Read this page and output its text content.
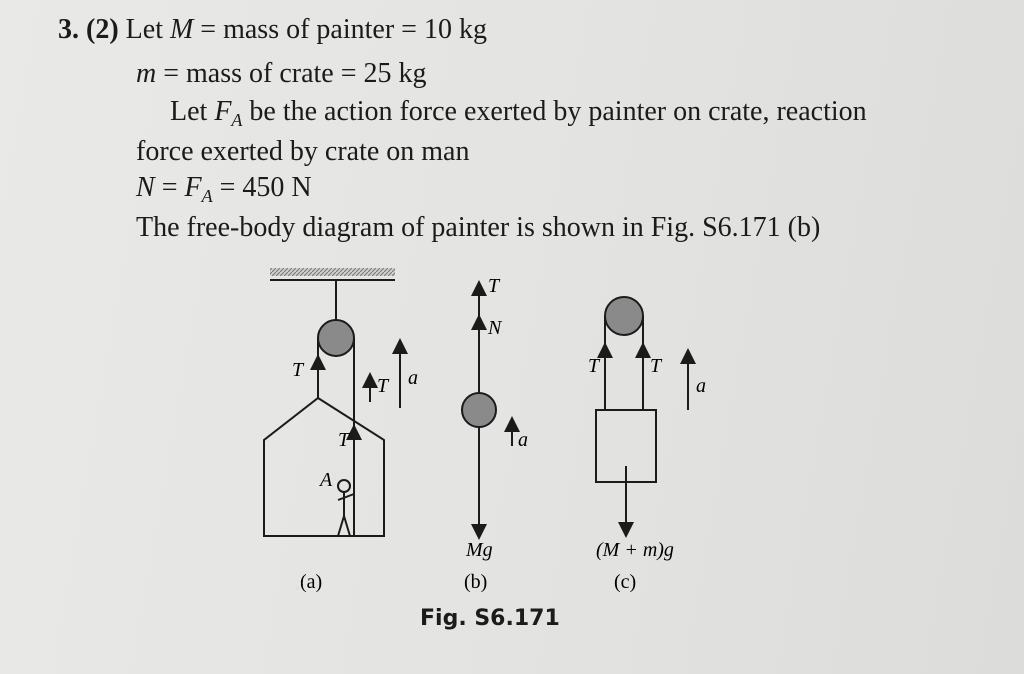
3. (2) Let M = mass of painter = 10 kg
m = mass of crate = 25 kg
Let $F_A$ be the action force exerted by painter on crate, reaction
force exerted by crate on man
$N = F_A = 450$ N
The free-body diagram of painter is shown in Fig. S6.171 (b)
T
T
T
a
A
(a)
T
N
a
Mg
(b)
T	T
a
(M + m)g
(c)
Fig. S6.171
